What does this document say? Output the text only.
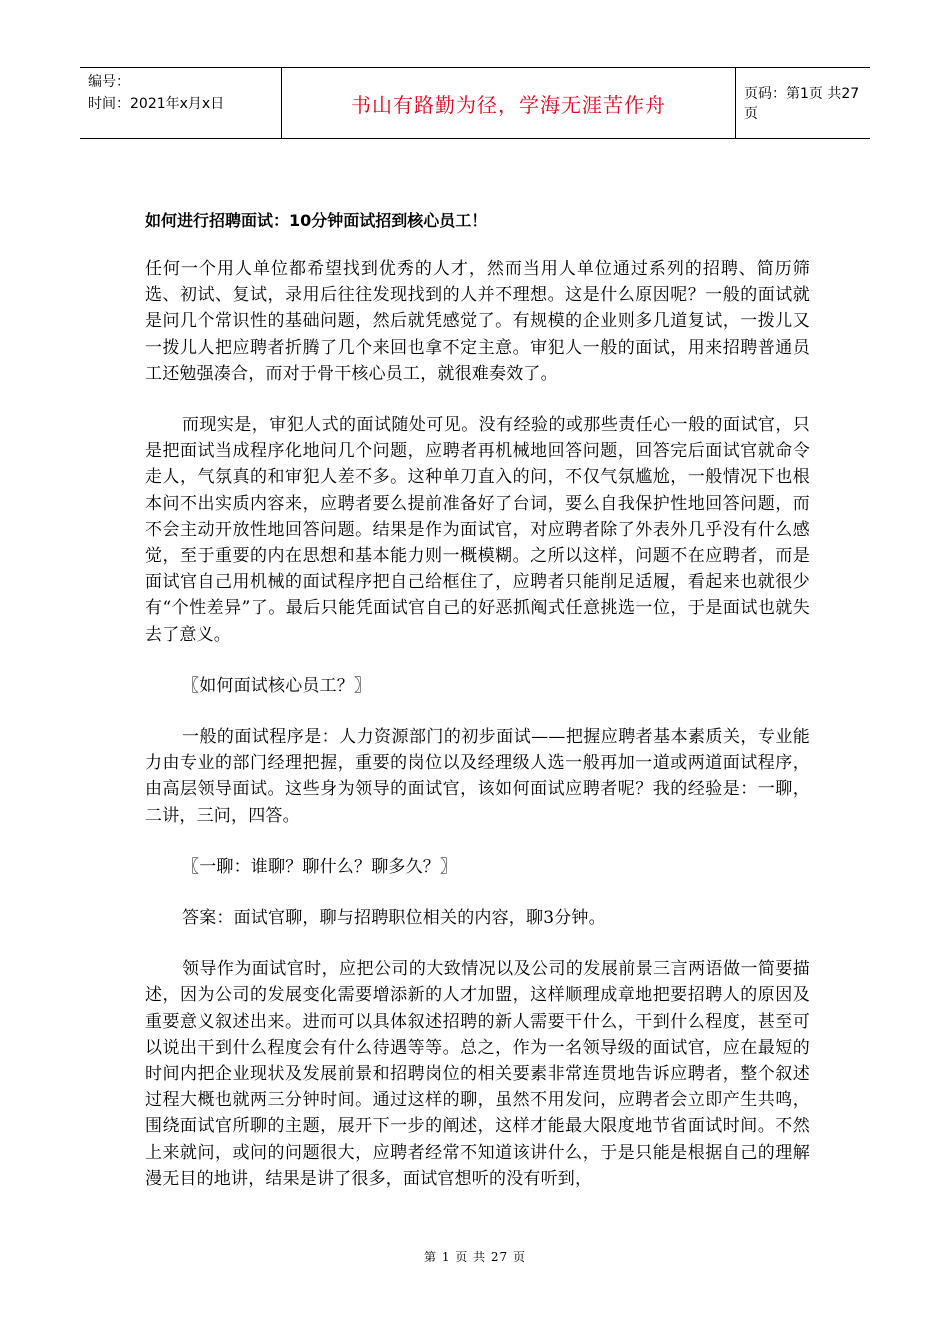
编号：
时间：2021年x月x日	书山有路勤为径，学海无涯苦作舟	页码：第1页 共27页
如何进行招聘面试：10分钟面试招到核心员工！

任何一个用人单位都希望找到优秀的人才，然而当用人单位通过系列的招聘、简历筛选、初试、复试，录用后往往发现找到的人并不理想。这是什么原因呢？一般的面试就是问几个常识性的基础问题，然后就凭感觉了。有规模的企业则多几道复试，一拨儿又一拨儿人把应聘者折腾了几个来回也拿不定主意。审犯人一般的面试，用来招聘普通员工还勉强凑合，而对于骨干核心员工，就很难奏效了。

而现实是，审犯人式的面试随处可见。没有经验的或那些责任心一般的面试官，只是把面试当成程序化地问几个问题，应聘者再机械地回答问题，回答完后面试官就命令走人，气氛真的和审犯人差不多。这种单刀直入的问，不仅气氛尴尬，一般情况下也根本问不出实质内容来，应聘者要么提前准备好了台词，要么自我保护性地回答问题，而不会主动开放性地回答问题。结果是作为面试官，对应聘者除了外表外几乎没有什么感觉，至于重要的内在思想和基本能力则一概模糊。之所以这样，问题不在应聘者，而是面试官自己用机械的面试程序把自己给框住了，应聘者只能削足适履，看起来也就很少有“个性差异”了。最后只能凭面试官自己的好恶抓阄式任意挑选一位，于是面试也就失去了意义。

〖如何面试核心员工？〗

一般的面试程序是：人力资源部门的初步面试——把握应聘者基本素质关，专业能力由专业的部门经理把握，重要的岗位以及经理级人选一般再加一道或两道面试程序，由高层领导面试。这些身为领导的面试官，该如何面试应聘者呢？我的经验是：一聊，二讲，三问，四答。

〖一聊：谁聊？聊什么？聊多久？〗

答案：面试官聊，聊与招聘职位相关的内容，聊3分钟。

领导作为面试官时，应把公司的大致情况以及公司的发展前景三言两语做一简要描述，因为公司的发展变化需要增添新的人才加盟，这样顺理成章地把要招聘人的原因及重要意义叙述出来。进而可以具体叙述招聘的新人需要干什么，干到什么程度，甚至可以说出干到什么程度会有什么待遇等等。总之，作为一名领导级的面试官，应在最短的时间内把企业现状及发展前景和招聘岗位的相关要素非常连贯地告诉应聘者，整个叙述过程大概也就两三分钟时间。通过这样的聊，虽然不用发问，应聘者会立即产生共鸣，围绕面试官所聊的主题，展开下一步的阐述，这样才能最大限度地节省面试时间。不然上来就问，或问的问题很大，应聘者经常不知道该讲什么，于是只能是根据自己的理解漫无目的地讲，结果是讲了很多，面试官想听的没有听到，

第 1 页 共 27 页
